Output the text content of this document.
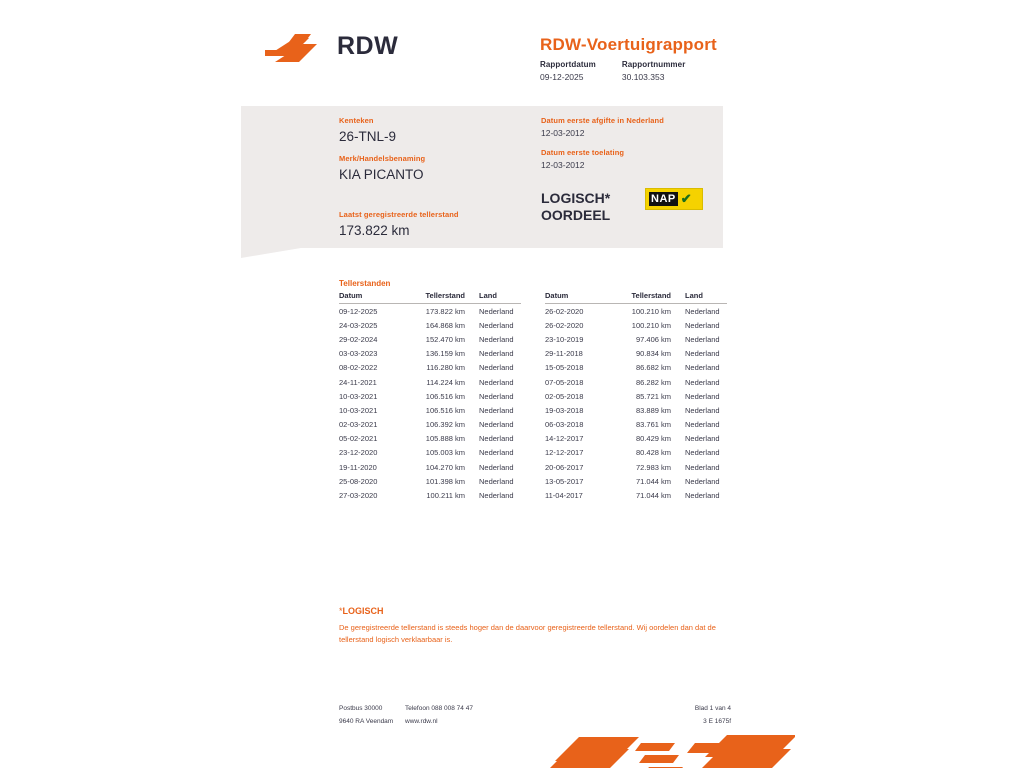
RDW	RDW-Voertuigrapport
Rapportdatum
09-12-2025
Rapportnummer
30.103.353
Kenteken
26-TNL-9
Merk/Handelsbenaming
KIA PICANTO
Datum eerste afgifte in Nederland
12-03-2012
Datum eerste toelating
12-03-2012
LOGISCH*
OORDEEL
NAP ✔
Laatst geregistreerde tellerstand
173.822 km
Tellerstanden
Datum	Tellerstand	Land
09-12-2025	173.822 km	Nederland
24-03-2025	164.868 km	Nederland
29-02-2024	152.470 km	Nederland
03-03-2023	136.159 km	Nederland
08-02-2022	116.280 km	Nederland
24-11-2021	114.224 km	Nederland
10-03-2021	106.516 km	Nederland
10-03-2021	106.516 km	Nederland
02-03-2021	106.392 km	Nederland
05-02-2021	105.888 km	Nederland
23-12-2020	105.003 km	Nederland
19-11-2020	104.270 km	Nederland
25-08-2020	101.398 km	Nederland
27-03-2020	100.211 km	Nederland
Datum	Tellerstand	Land
26-02-2020	100.210 km	Nederland
26-02-2020	100.210 km	Nederland
23-10-2019	97.406 km	Nederland
29-11-2018	90.834 km	Nederland
15-05-2018	86.682 km	Nederland
07-05-2018	86.282 km	Nederland
02-05-2018	85.721 km	Nederland
19-03-2018	83.889 km	Nederland
06-03-2018	83.761 km	Nederland
14-12-2017	80.429 km	Nederland
12-12-2017	80.428 km	Nederland
20-06-2017	72.983 km	Nederland
13-05-2017	71.044 km	Nederland
11-04-2017	71.044 km	Nederland
*LOGISCH
De geregistreerde tellerstand is steeds hoger dan de daarvoor geregistreerde tellerstand. Wij oordelen dan dat de tellerstand logisch verklaarbaar is.
Postbus 30000
9640 RA Veendam
Telefoon 088 008 74 47
www.rdw.nl
Blad 1 van 4
3 E 1675f
